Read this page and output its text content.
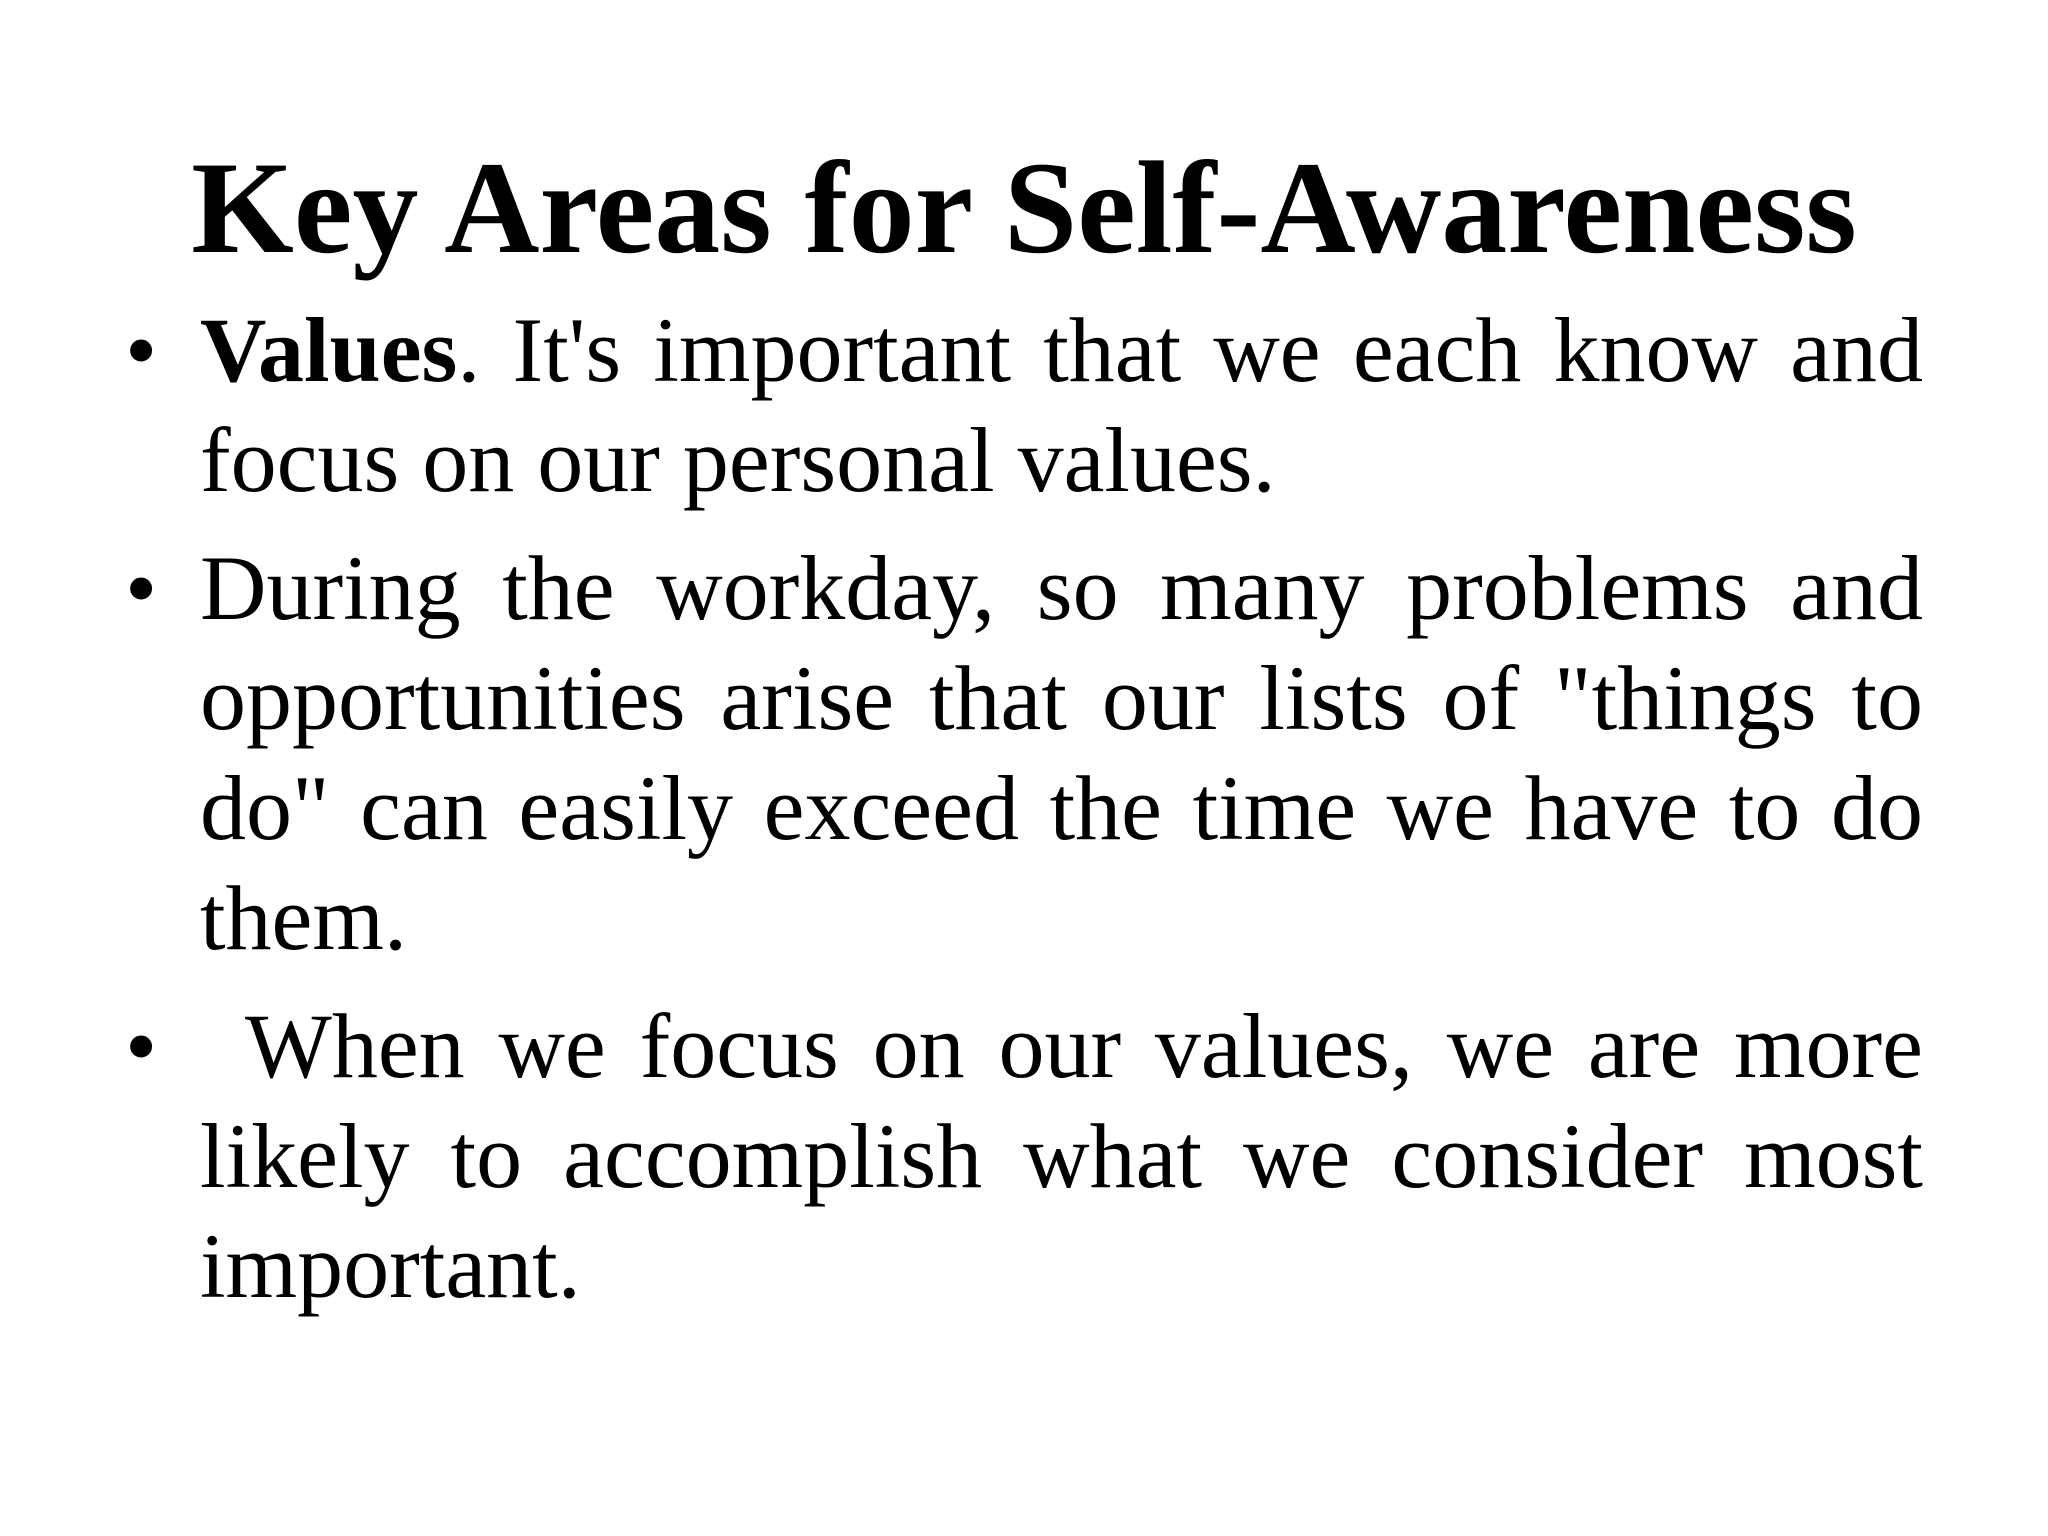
Key Areas for Self-Awareness
• Values. It's important that we each know and focus on our personal values.
• During the workday, so many problems and opportunities arise that our lists of "things to do" can easily exceed the time we have to do them.
• When we focus on our values, we are more likely to accomplish what we consider most important.
